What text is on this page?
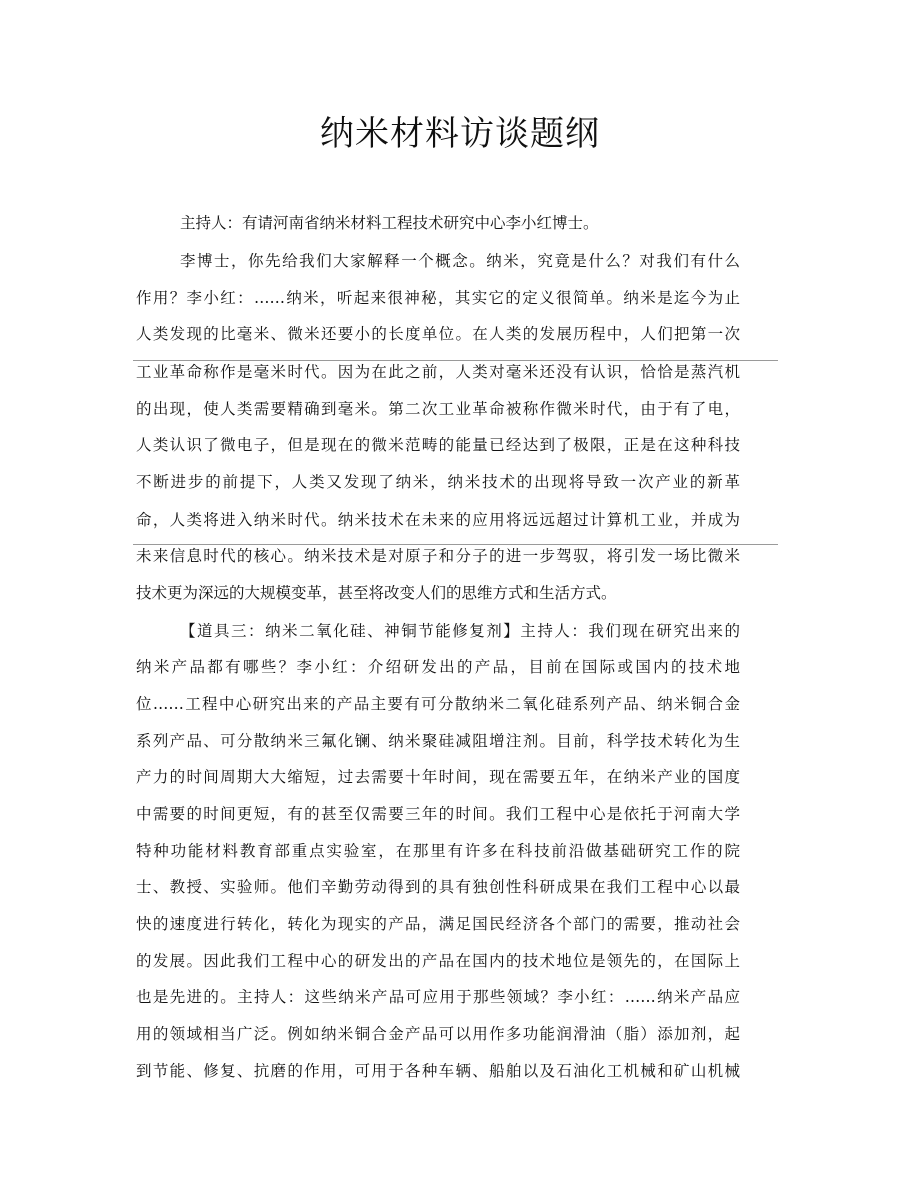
纳米材料访谈题纲
主持人：有请河南省纳米材料工程技术研究中心李小红博士。
李博士，你先给我们大家解释一个概念。纳米，究竟是什么？对我们有什么
作用？李小红：……纳米，听起来很神秘，其实它的定义很简单。纳米是迄今为止
人类发现的比毫米、微米还要小的长度单位。在人类的发展历程中，人们把第一次
工业革命称作是毫米时代。因为在此之前，人类对毫米还没有认识，恰恰是蒸汽机
的出现，使人类需要精确到毫米。第二次工业革命被称作微米时代，由于有了电，
人类认识了微电子，但是现在的微米范畴的能量已经达到了极限，正是在这种科技
不断进步的前提下，人类又发现了纳米，纳米技术的出现将导致一次产业的新革
命，人类将进入纳米时代。纳米技术在未来的应用将远远超过计算机工业，并成为
未来信息时代的核心。纳米技术是对原子和分子的进一步驾驭，将引发一场比微米
技术更为深远的大规模变革，甚至将改变人们的思维方式和生活方式。
【道具三：纳米二氧化硅、神铜节能修复剂】主持人：我们现在研究出来的
纳米产品都有哪些？李小红：介绍研发出的产品，目前在国际或国内的技术地
位……工程中心研究出来的产品主要有可分散纳米二氧化硅系列产品、纳米铜合金
系列产品、可分散纳米三氟化镧、纳米聚硅减阻增注剂。目前，科学技术转化为生
产力的时间周期大大缩短，过去需要十年时间，现在需要五年，在纳米产业的国度
中需要的时间更短，有的甚至仅需要三年的时间。我们工程中心是依托于河南大学
特种功能材料教育部重点实验室，在那里有许多在科技前沿做基础研究工作的院
士、教授、实验师。他们辛勤劳动得到的具有独创性科研成果在我们工程中心以最
快的速度进行转化，转化为现实的产品，满足国民经济各个部门的需要，推动社会
的发展。因此我们工程中心的研发出的产品在国内的技术地位是领先的，在国际上
也是先进的。主持人：这些纳米产品可应用于那些领域？李小红：……纳米产品应
用的领域相当广泛。例如纳米铜合金产品可以用作多功能润滑油（脂）添加剂，起
到节能、修复、抗磨的作用，可用于各种车辆、船舶以及石油化工机械和矿山机械
